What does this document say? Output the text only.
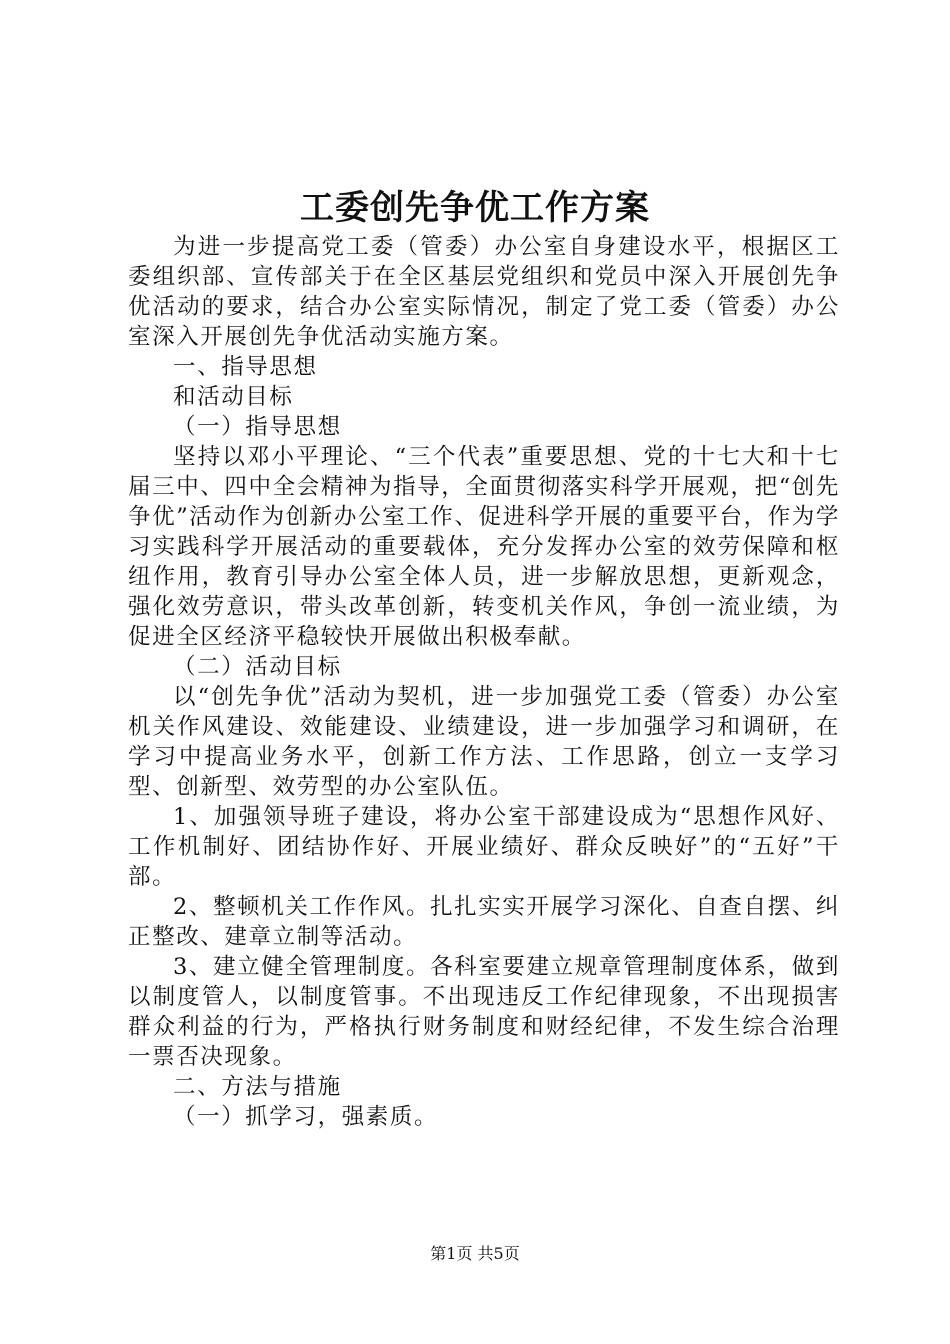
工委创先争优工作方案

为进一步提高党工委（管委）办公室自身建设水平，根据区工委组织部、宣传部关于在全区基层党组织和党员中深入开展创先争优活动的要求，结合办公室实际情况，制定了党工委（管委）办公室深入开展创先争优活动实施方案。

一、指导思想

和活动目标

（一）指导思想

坚持以邓小平理论、“三个代表”重要思想、党的十七大和十七届三中、四中全会精神为指导，全面贯彻落实科学开展观，把“创先争优”活动作为创新办公室工作、促进科学开展的重要平台，作为学习实践科学开展活动的重要载体，充分发挥办公室的效劳保障和枢纽作用，教育引导办公室全体人员，进一步解放思想，更新观念，强化效劳意识，带头改革创新，转变机关作风，争创一流业绩，为促进全区经济平稳较快开展做出积极奉献。

（二）活动目标

以“创先争优”活动为契机，进一步加强党工委（管委）办公室机关作风建设、效能建设、业绩建设，进一步加强学习和调研，在学习中提高业务水平，创新工作方法、工作思路，创立一支学习型、创新型、效劳型的办公室队伍。

1、加强领导班子建设，将办公室干部建设成为“思想作风好、工作机制好、团结协作好、开展业绩好、群众反映好”的“五好”干部。

2、整顿机关工作作风。扎扎实实开展学习深化、自查自摆、纠正整改、建章立制等活动。

3、建立健全管理制度。各科室要建立规章管理制度体系，做到以制度管人，以制度管事。不出现违反工作纪律现象，不出现损害群众利益的行为，严格执行财务制度和财经纪律，不发生综合治理一票否决现象。

二、方法与措施

（一）抓学习，强素质。

第1页 共5页
